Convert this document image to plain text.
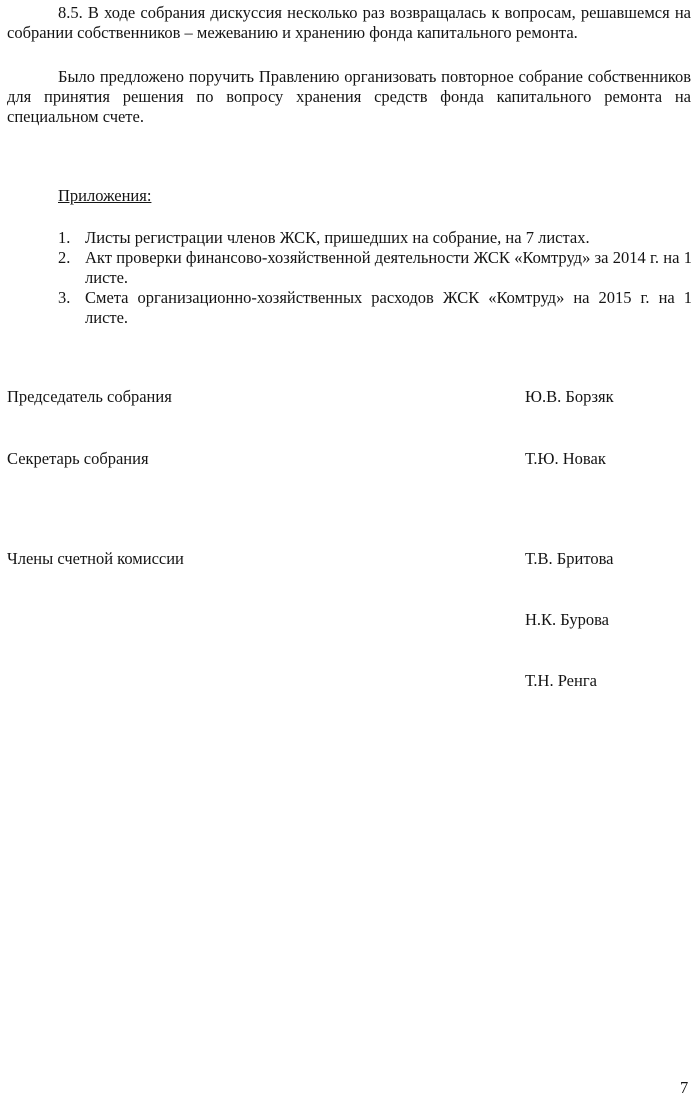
8.5. В ходе собрания дискуссия несколько раз возвращалась к вопросам, решавшемся на собрании собственников – межеванию и хранению фонда капитального ремонта.

Было предложено поручить Правлению организовать повторное собрание собственников для принятия решения по вопросу хранения средств фонда капитального ремонта на специальном счете.

Приложения:
1. Листы регистрации членов ЖСК, пришедших на собрание, на 7 листах.
2. Акт проверки финансово-хозяйственной деятельности ЖСК «Комтруд» за 2014 г. на 1 листе.
3. Смета организационно-хозяйственных расходов ЖСК «Комтруд» на 2015 г. на 1 листе.
Председатель собрания	Ю.В. Борзяк
Секретарь собрания	Т.Ю. Новак
Члены счетной комиссии	Т.В. Бритова
Н.К. Бурова
Т.Н. Ренга
7
